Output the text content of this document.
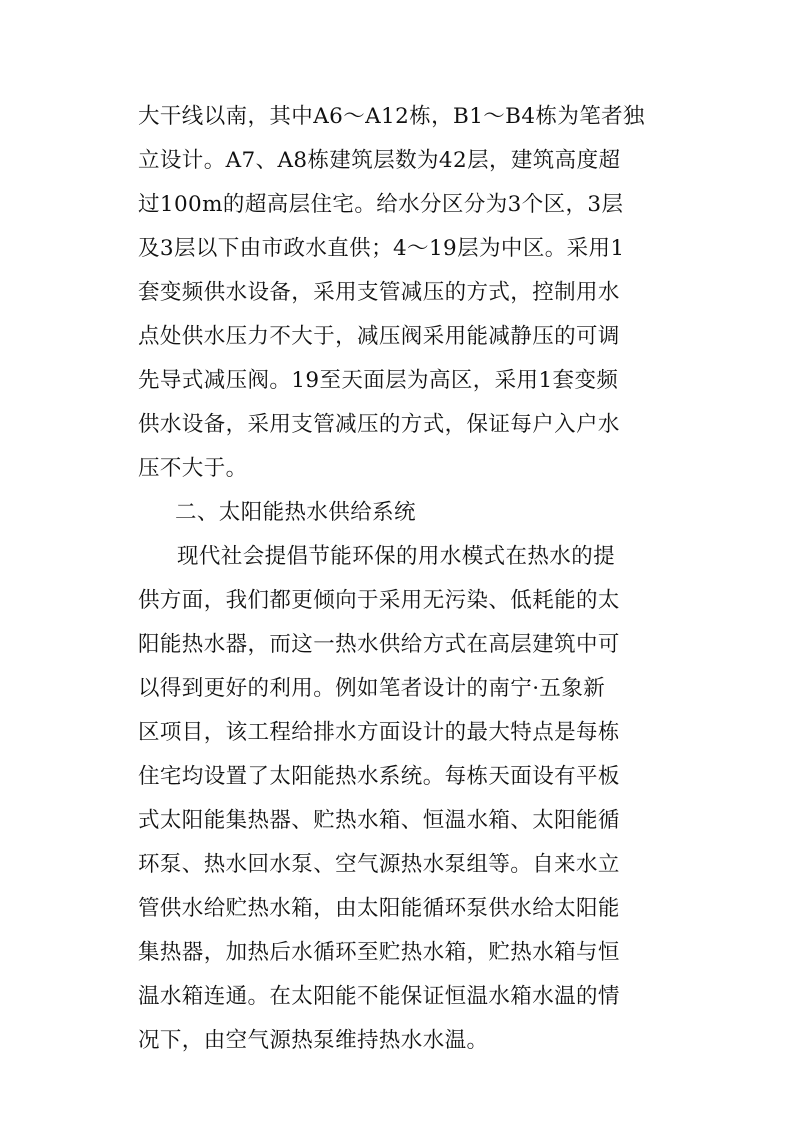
大干线以南，其中A6～A12栋，B1～B4栋为笔者独
立设计。A7、A8栋建筑层数为42层，建筑高度超
过100m的超高层住宅。给水分区分为3个区，3层
及3层以下由市政水直供；4～19层为中区。采用1
套变频供水设备，采用支管减压的方式，控制用水
点处供水压力不大于，减压阀采用能减静压的可调
先导式减压阀。19至天面层为高区，采用1套变频
供水设备，采用支管减压的方式，保证每户入户水
压不大于。
二、太阳能热水供给系统
现代社会提倡节能环保的用水模式在热水的提
供方面，我们都更倾向于采用无污染、低耗能的太
阳能热水器，而这一热水供给方式在高层建筑中可
以得到更好的利用。例如笔者设计的南宁·五象新
区项目，该工程给排水方面设计的最大特点是每栋
住宅均设置了太阳能热水系统。每栋天面设有平板
式太阳能集热器、贮热水箱、恒温水箱、太阳能循
环泵、热水回水泵、空气源热水泵组等。自来水立
管供水给贮热水箱，由太阳能循环泵供水给太阳能
集热器，加热后水循环至贮热水箱，贮热水箱与恒
温水箱连通。在太阳能不能保证恒温水箱水温的情
况下，由空气源热泵维持热水水温。
